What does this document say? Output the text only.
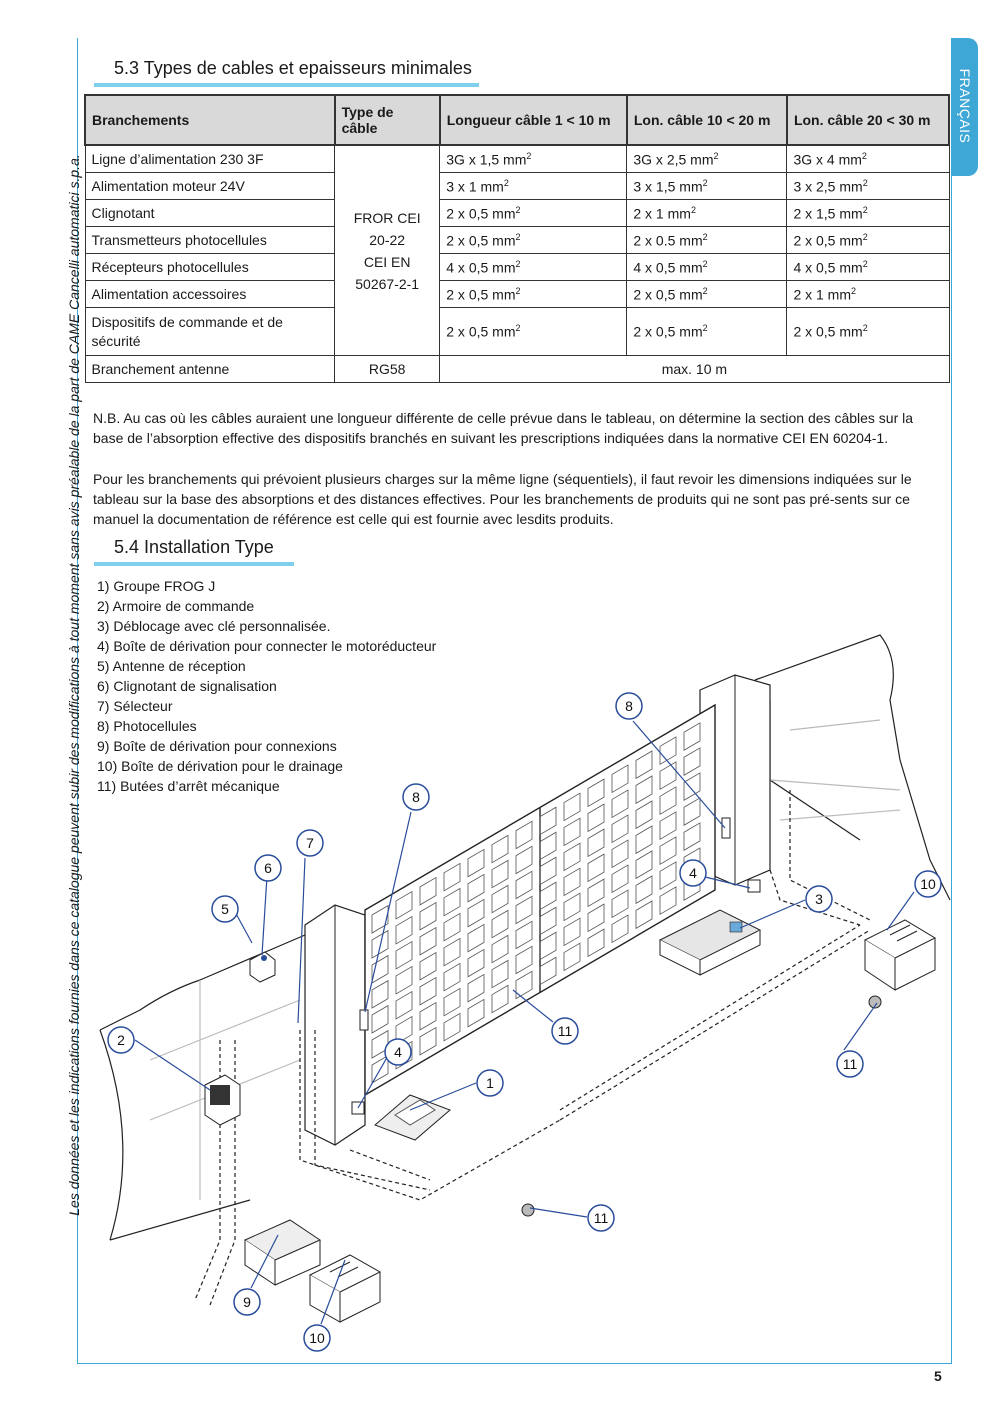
Les données et les indications fournies dans ce catalogue peuvent subir des modifications à tout moment sans avis préalable de la part de CAME Cancelli automatici s.p.a.
FRANÇAIS
5.3 Types de cables et epaisseurs minimales
Branchements	Type de câble	Longueur câble 1 < 10 m	Lon. câble 10 < 20 m	Lon. câble 20 < 30 m
Ligne d’alimentation 230 3F	FROR CEI
20-22
CEI EN
50267-2-1	3G x 1,5 $mm^2$	3G x 2,5 $mm^2$	3G x 4 $mm^2$
Alimentation moteur 24V		3 x 1 $mm^2$	3 x 1,5 $mm^2$	3 x 2,5 $mm^2$
Clignotant		2 x 0,5 $mm^2$	2 x 1 $mm^2$	2 x 1,5 $mm^2$
Transmetteurs photocellules		2 x 0,5 $mm^2$	2 x 0.5 $mm^2$	2 x 0,5 $mm^2$
Récepteurs photocellules		4 x 0,5 $mm^2$	4 x 0,5 $mm^2$	4 x 0,5 $mm^2$
Alimentation accessoires		2 x 0,5 $mm^2$	2 x 0,5 $mm^2$	2 x 1 $mm^2$
Dispositifs de commande et de sécurité		2 x 0,5 $mm^2$	2 x 0,5 $mm^2$	2 x 0,5 $mm^2$
Branchement antenne	RG58	max. 10 m		
N.B. Au cas où les câbles auraient une longueur différente de celle prévue dans le tableau, on détermine la section des câbles sur la base de l’absorption effective des dispositifs branchés en suivant les prescriptions indiquées dans la normative CEI EN 60204-1.
Pour les branchements qui prévoient plusieurs charges sur la même ligne (séquentiels), il faut revoir les dimensions indiquées sur le tableau sur la base des absorptions et des distances effectives. Pour les branchements de produits qui ne sont pas pré-sents sur ce manuel la documentation de référence est celle qui est fournie avec lesdits produits.
5.4 Installation Type
1) Groupe FROG J
2) Armoire de commande
3) Déblocage avec clé personnalisée.
4) Boîte de dérivation pour connecter le motoréducteur
5) Antenne de réception
6) Clignotant de signalisation
7) Sélecteur
8) Photocellules
9) Boîte de dérivation pour connexions
10) Boîte de dérivation pour le drainage
11) Butées d’arrêt mécanique
1
2
3
4
4
5
6
7
8
8
9
10
10
11
11
11
5
